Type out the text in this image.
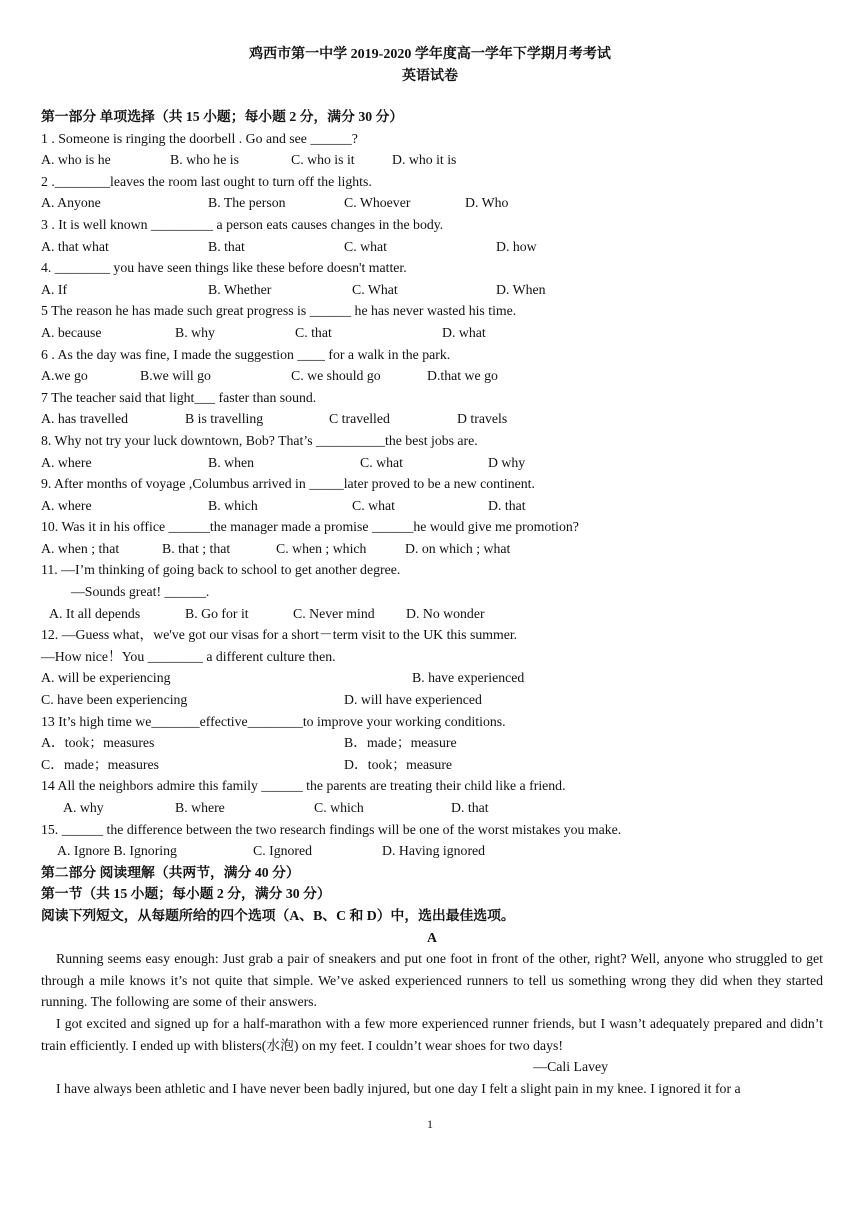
鸡西市第一中学 2019-2020 学年度高一学年下学期月考考试
英语试卷
第一部分 单项选择（共 15 小题；每小题 2 分，满分 30 分）
1 . Someone is ringing the doorbell . Go and see ______?
A. who is he	B. who he is	C. who is it	D. who it is
2 .________leaves the room last ought to turn off the lights.
A. Anyone	B. The person	C. Whoever	D. Who
3 . It is well known _________ a person eats causes changes in the body.
A. that what	B. that	C. what	D. how
4. ________ you have seen things like these before doesn't matter.
A. If	B. Whether	C. What	D. When
5 The reason he has made such great progress is ______ he has never wasted his time.
A. because	B. why	C. that	D. what
6 . As the day was fine, I made the suggestion ____ for a walk in the park.
A.we go	B.we will go	C. we should go	D.that we go
7 The teacher said that light___ faster than sound.
A. has travelled	B is travelling	C travelled	D travels
8. Why not try your luck downtown, Bob? That’s __________the best jobs are.
A. where	B. when	C. what	D why
9. After months of voyage ,Columbus arrived in _____later proved to be a new continent.
A. where	B. which	C. what	D. that
10. Was it in his office ______the manager made a promise ______he would give me promotion?
A. when ; that	B. that ; that	C. when ; which	D. on which ; what
11. —I’m thinking of going back to school to get another degree.
—Sounds great! ______.
A. It all depends	B. Go for it	C. Never mind D. No wonder
12. —Guess what，we've got our visas for a short－term visit to the UK this summer.
—How nice！You ________ a different culture then.
A. will be experiencing	B. have experienced
C. have been experiencing	D. will have experienced
13 It’s high time we_______effective________to improve your working conditions.
A．took；measures	B．made；measure
C．made；measures	D．took；measure
14 All the neighbors admire this family ______ the parents are treating their child like a friend.
A. why	B. where	C. which	D. that
15. ______ the difference between the two research findings will be one of the worst mistakes you make.
A. Ignore B. Ignoring	C. Ignored	D. Having ignored
第二部分 阅读理解（共两节，满分 40 分）
第一节（共 15 小题；每小题 2 分，满分 30 分）
阅读下列短文，从每题所给的四个选项（A、B、C 和 D）中，选出最佳选项。
A
Running seems easy enough: Just grab a pair of sneakers and put one foot in front of the other, right? Well, anyone who struggled to get through a mile knows it’s not quite that simple. We’ve asked experienced runners to tell us something wrong they did when they started running. The following are some of their answers.
I got excited and signed up for a half-marathon with a few more experienced runner friends, but I wasn’t adequately prepared and didn’t train efficiently. I ended up with blisters(水泡) on my feet. I couldn’t wear shoes for two days!
—Cali Lavey
I have always been athletic and I have never been badly injured, but one day I felt a slight pain in my knee. I ignored it for a
1
